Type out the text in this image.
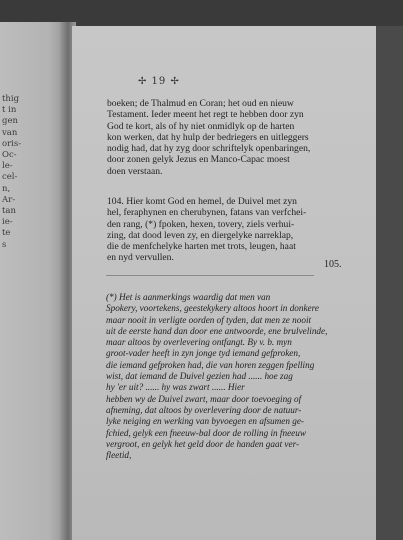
thig
t in
gen
van
oris-
Oc-
le-
cel-
n,
Ar-
tan
ie-
te
s
✢ 19 ✢
boeken; de Thalmud en Coran; het oud en nieuw
Testament. Ieder meent het regt te hebben door zyn
God te kort, als of hy niet onmidlyk op de harten
kon werken, dat hy hulp der bedriegers en uitleggers
nodig had, dat hy zyg door schriftelyk openbaringen,
door zonen gelyk Jezus en Manco-Capac moest
doen verstaan.
104. Hier komt God en hemel, de Duivel met zyn
hel, feraphynen en cherubynen, fatans van verfchei-
den rang, (*) fpoken, hexen, tovery, ziels verhui-
zing, dat dood leven zy, en diergelyke narreklap,
die de menfchelyke harten met trots, leugen, haat
en nyd vervullen.
105.
(*) Het is aanmerkings waardig dat men van
Spokery, voortekens, geestekykery altoos hoort in donkere
maar nooit in verligte oorden of tyden, dat men ze nooit
uit de eerste hand dan door ene antwoorde, ene brulvelinde,
maar altoos by overlevering ontfangt. By v. b. myn
groot-vader heeft in zyn jonge tyd iemand gefproken,
die iemand gefproken had, die van horen zeggen fpelling
wist, dat iemand de Duivel gezien had ...... hoe zag
hy 'er uit? ...... hy was zwart ...... Hier
hebben wy de Duivel zwart, maar door toevoeging of
afneming, dat altoos by overlevering door de natuur-
lyke neiging en werking van byvoegen en afsumen ge-
fchied, gelyk een fneeuw-bal door de rolling in fneeuw
vergroot, en gelyk het geld door de handen gaat ver-
fleetid,
